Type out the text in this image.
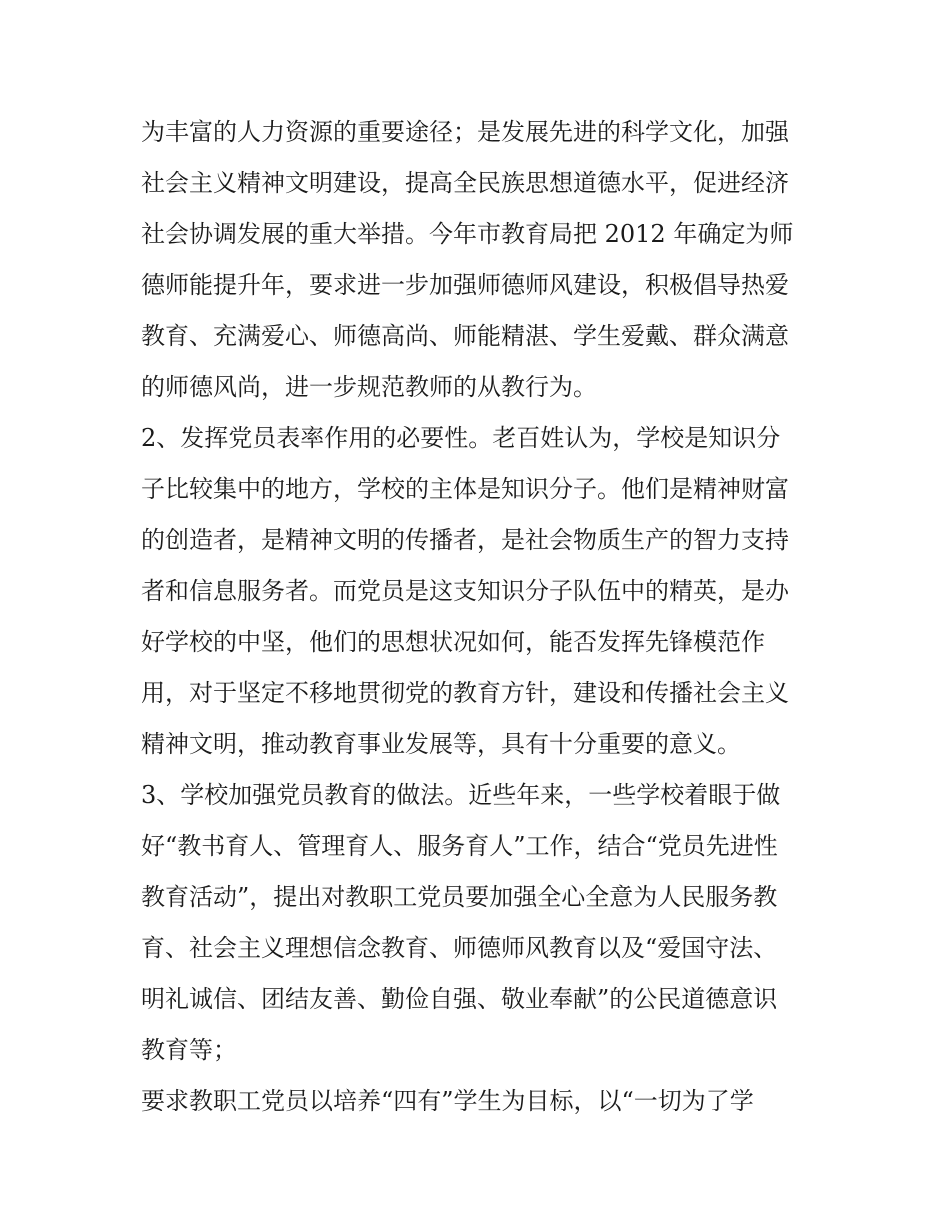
为丰富的人力资源的重要途径；是发展先进的科学文化，加强
社会主义精神文明建设，提高全民族思想道德水平，促进经济
社会协调发展的重大举措。今年市教育局把 2012 年确定为师
德师能提升年，要求进一步加强师德师风建设，积极倡导热爱
教育、充满爱心、师德高尚、师能精湛、学生爱戴、群众满意
的师德风尚，进一步规范教师的从教行为。
2、发挥党员表率作用的必要性。老百姓认为，学校是知识分
子比较集中的地方，学校的主体是知识分子。他们是精神财富
的创造者，是精神文明的传播者，是社会物质生产的智力支持
者和信息服务者。而党员是这支知识分子队伍中的精英，是办
好学校的中坚，他们的思想状况如何，能否发挥先锋模范作
用，对于坚定不移地贯彻党的教育方针，建设和传播社会主义
精神文明，推动教育事业发展等，具有十分重要的意义。
3、学校加强党员教育的做法。近些年来，一些学校着眼于做
好“教书育人、管理育人、服务育人”工作，结合“党员先进性
教育活动”，提出对教职工党员要加强全心全意为人民服务教
育、社会主义理想信念教育、师德师风教育以及“爱国守法、
明礼诚信、团结友善、勤俭自强、敬业奉献”的公民道德意识
教育等；
要求教职工党员以培养“四有”学生为目标，以“一切为了学
